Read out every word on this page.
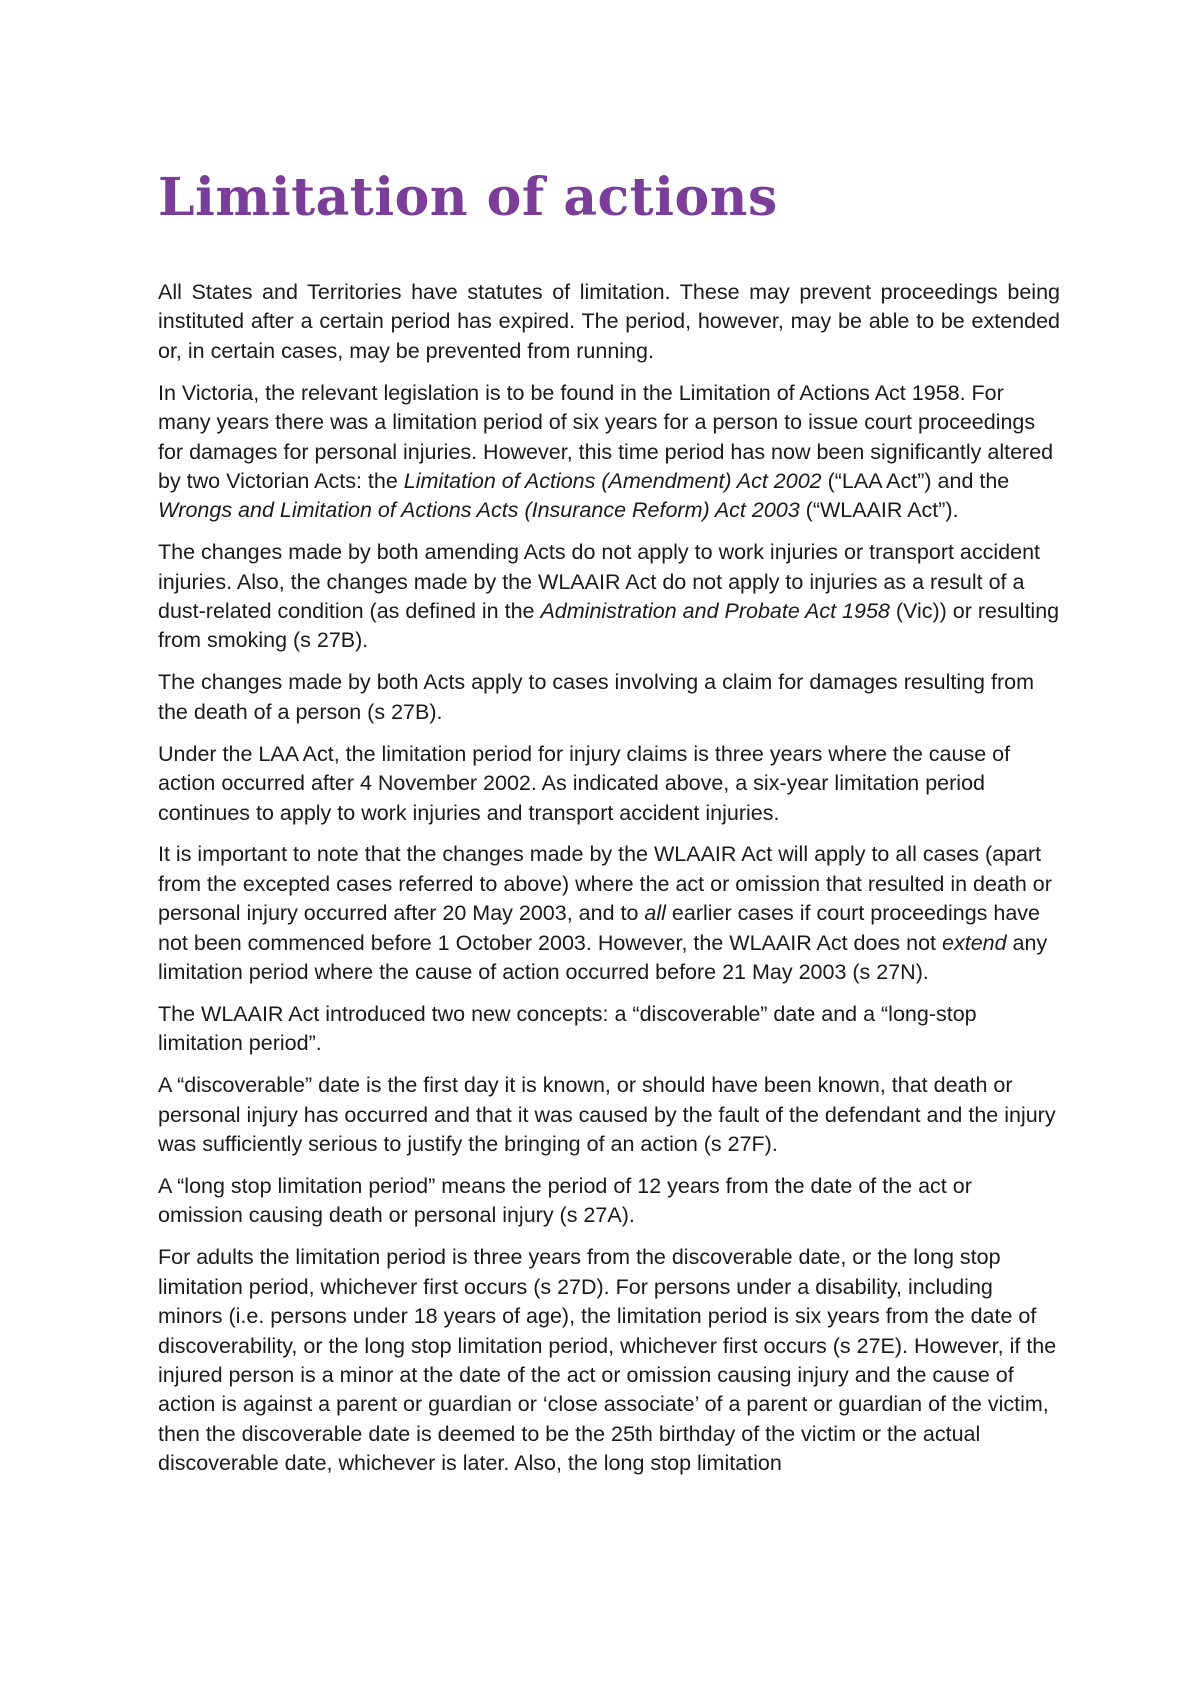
Limitation of actions

All States and Territories have statutes of limitation. These may prevent proceedings being instituted after a certain period has expired. The period, however, may be able to be extended or, in certain cases, may be prevented from running.

In Victoria, the relevant legislation is to be found in the Limitation of Actions Act 1958. For many years there was a limitation period of six years for a person to issue court proceedings for damages for personal injuries. However, this time period has now been significantly altered by two Victorian Acts: the Limitation of Actions (Amendment) Act 2002 (“LAA Act”) and the Wrongs and Limitation of Actions Acts (Insurance Reform) Act 2003 (“WLAAIR Act”).

The changes made by both amending Acts do not apply to work injuries or transport accident injuries. Also, the changes made by the WLAAIR Act do not apply to injuries as a result of a dust-related condition (as defined in the Administration and Probate Act 1958 (Vic)) or resulting from smoking (s 27B).

The changes made by both Acts apply to cases involving a claim for damages resulting from the death of a person (s 27B).

Under the LAA Act, the limitation period for injury claims is three years where the cause of action occurred after 4 November 2002. As indicated above, a six-year limitation period continues to apply to work injuries and transport accident injuries.

It is important to note that the changes made by the WLAAIR Act will apply to all cases (apart from the excepted cases referred to above) where the act or omission that resulted in death or personal injury occurred after 20 May 2003, and to all earlier cases if court proceedings have not been commenced before 1 October 2003. However, the WLAAIR Act does not extend any limitation period where the cause of action occurred before 21 May 2003 (s 27N).

The WLAAIR Act introduced two new concepts: a “discoverable” date and a “long-stop limitation period”.

A “discoverable” date is the first day it is known, or should have been known, that death or personal injury has occurred and that it was caused by the fault of the defendant and the injury was sufficiently serious to justify the bringing of an action (s 27F).

A “long stop limitation period” means the period of 12 years from the date of the act or omission causing death or personal injury (s 27A).

For adults the limitation period is three years from the discoverable date, or the long stop limitation period, whichever first occurs (s 27D). For persons under a disability, including minors (i.e. persons under 18 years of age), the limitation period is six years from the date of discoverability, or the long stop limitation period, whichever first occurs (s 27E). However, if the injured person is a minor at the date of the act or omission causing injury and the cause of action is against a parent or guardian or ‘close associate’ of a parent or guardian of the victim, then the discoverable date is deemed to be the 25th birthday of the victim or the actual discoverable date, whichever is later. Also, the long stop limitation
